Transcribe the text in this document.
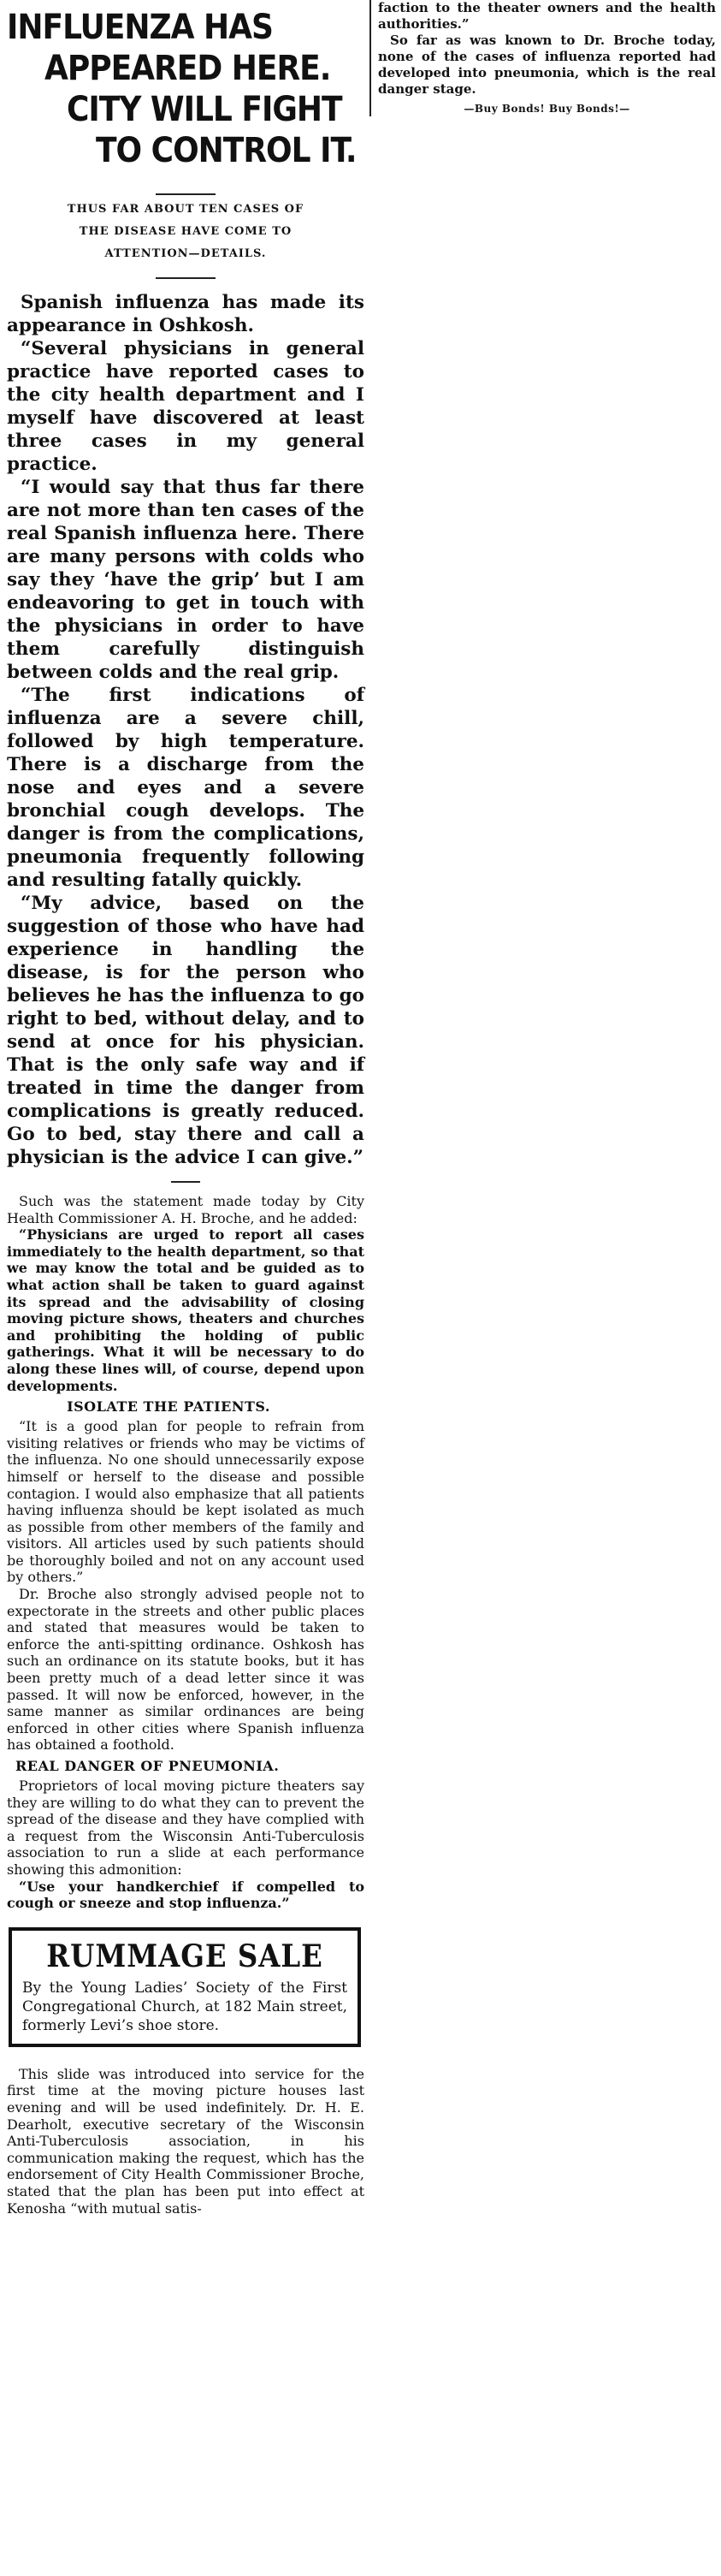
INFLUENZA HAS
APPEARED HERE.
CITY WILL FIGHT
TO CONTROL IT.
THUS FAR ABOUT TEN CASES OF
THE DISEASE HAVE COME TO
ATTENTION—DETAILS.

Spanish influenza has made its appearance in Oshkosh.

“Several physicians in general practice have reported cases to the city health department and I myself have discovered at least three cases in my general practice.

“I would say that thus far there are not more than ten cases of the real Spanish influenza here. There are many persons with colds who say they ‘have the grip’ but I am endeavoring to get in touch with the physicians in order to have them carefully distinguish between colds and the real grip.

“The first indications of influenza are a severe chill, followed by high temperature. There is a discharge from the nose and eyes and a severe bronchial cough develops. The danger is from the complications, pneumonia frequently following and resulting fatally quickly.

“My advice, based on the suggestion of those who have had experience in handling the disease, is for the person who believes he has the influenza to go right to bed, without delay, and to send at once for his physician. That is the only safe way and if treated in time the danger from complications is greatly reduced. Go to bed, stay there and call a physician is the advice I can give.”

Such was the statement made today by City Health Commissioner A. H. Broche, and he added:

“Physicians are urged to report all cases immediately to the health department, so that we may know the total and be guided as to what action shall be taken to guard against its spread and the advisability of closing moving picture shows, theaters and churches and prohibiting the holding of public gatherings. What it will be necessary to do along these lines will, of course, depend upon developments.

ISOLATE THE PATIENTS.

“It is a good plan for people to refrain from visiting relatives or friends who may be victims of the influenza. No one should unnecessarily expose himself or herself to the disease and possible contagion. I would also emphasize that all patients having influenza should be kept isolated as much as possible from other members of the family and visitors. All articles used by such patients should be thoroughly boiled and not on any account used by others.”

Dr. Broche also strongly advised people not to expectorate in the streets and other public places and stated that measures would be taken to enforce the anti-spitting ordinance. Oshkosh has such an ordinance on its statute books, but it has been pretty much of a dead letter since it was passed. It will now be enforced, however, in the same manner as similar ordinances are being enforced in other cities where Spanish influenza has obtained a foothold.

REAL DANGER OF PNEUMONIA.

Proprietors of local moving picture theaters say they are willing to do what they can to prevent the spread of the disease and they have complied with a request from the Wisconsin Anti-Tuberculosis association to run a slide at each performance showing this admonition:

“Use your handkerchief if compelled to cough or sneeze and stop influenza.”

RUMMAGE SALE
By the Young Ladies’ Society of the First Congregational Church, at 182 Main street, formerly Levi’s shoe store.

This slide was introduced into service for the first time at the moving picture houses last evening and will be used indefinitely. Dr. H. E. Dearholt, executive secretary of the Wisconsin Anti-Tuberculosis association, in his communication making the request, which has the endorsement of City Health Commissioner Broche, stated that the plan has been put into effect at Kenosha “with mutual satis-

faction to the theater owners and the health authorities.”

So far as was known to Dr. Broche today, none of the cases of influenza reported had developed into pneumonia, which is the real danger stage.

—Buy Bonds! Buy Bonds!—
